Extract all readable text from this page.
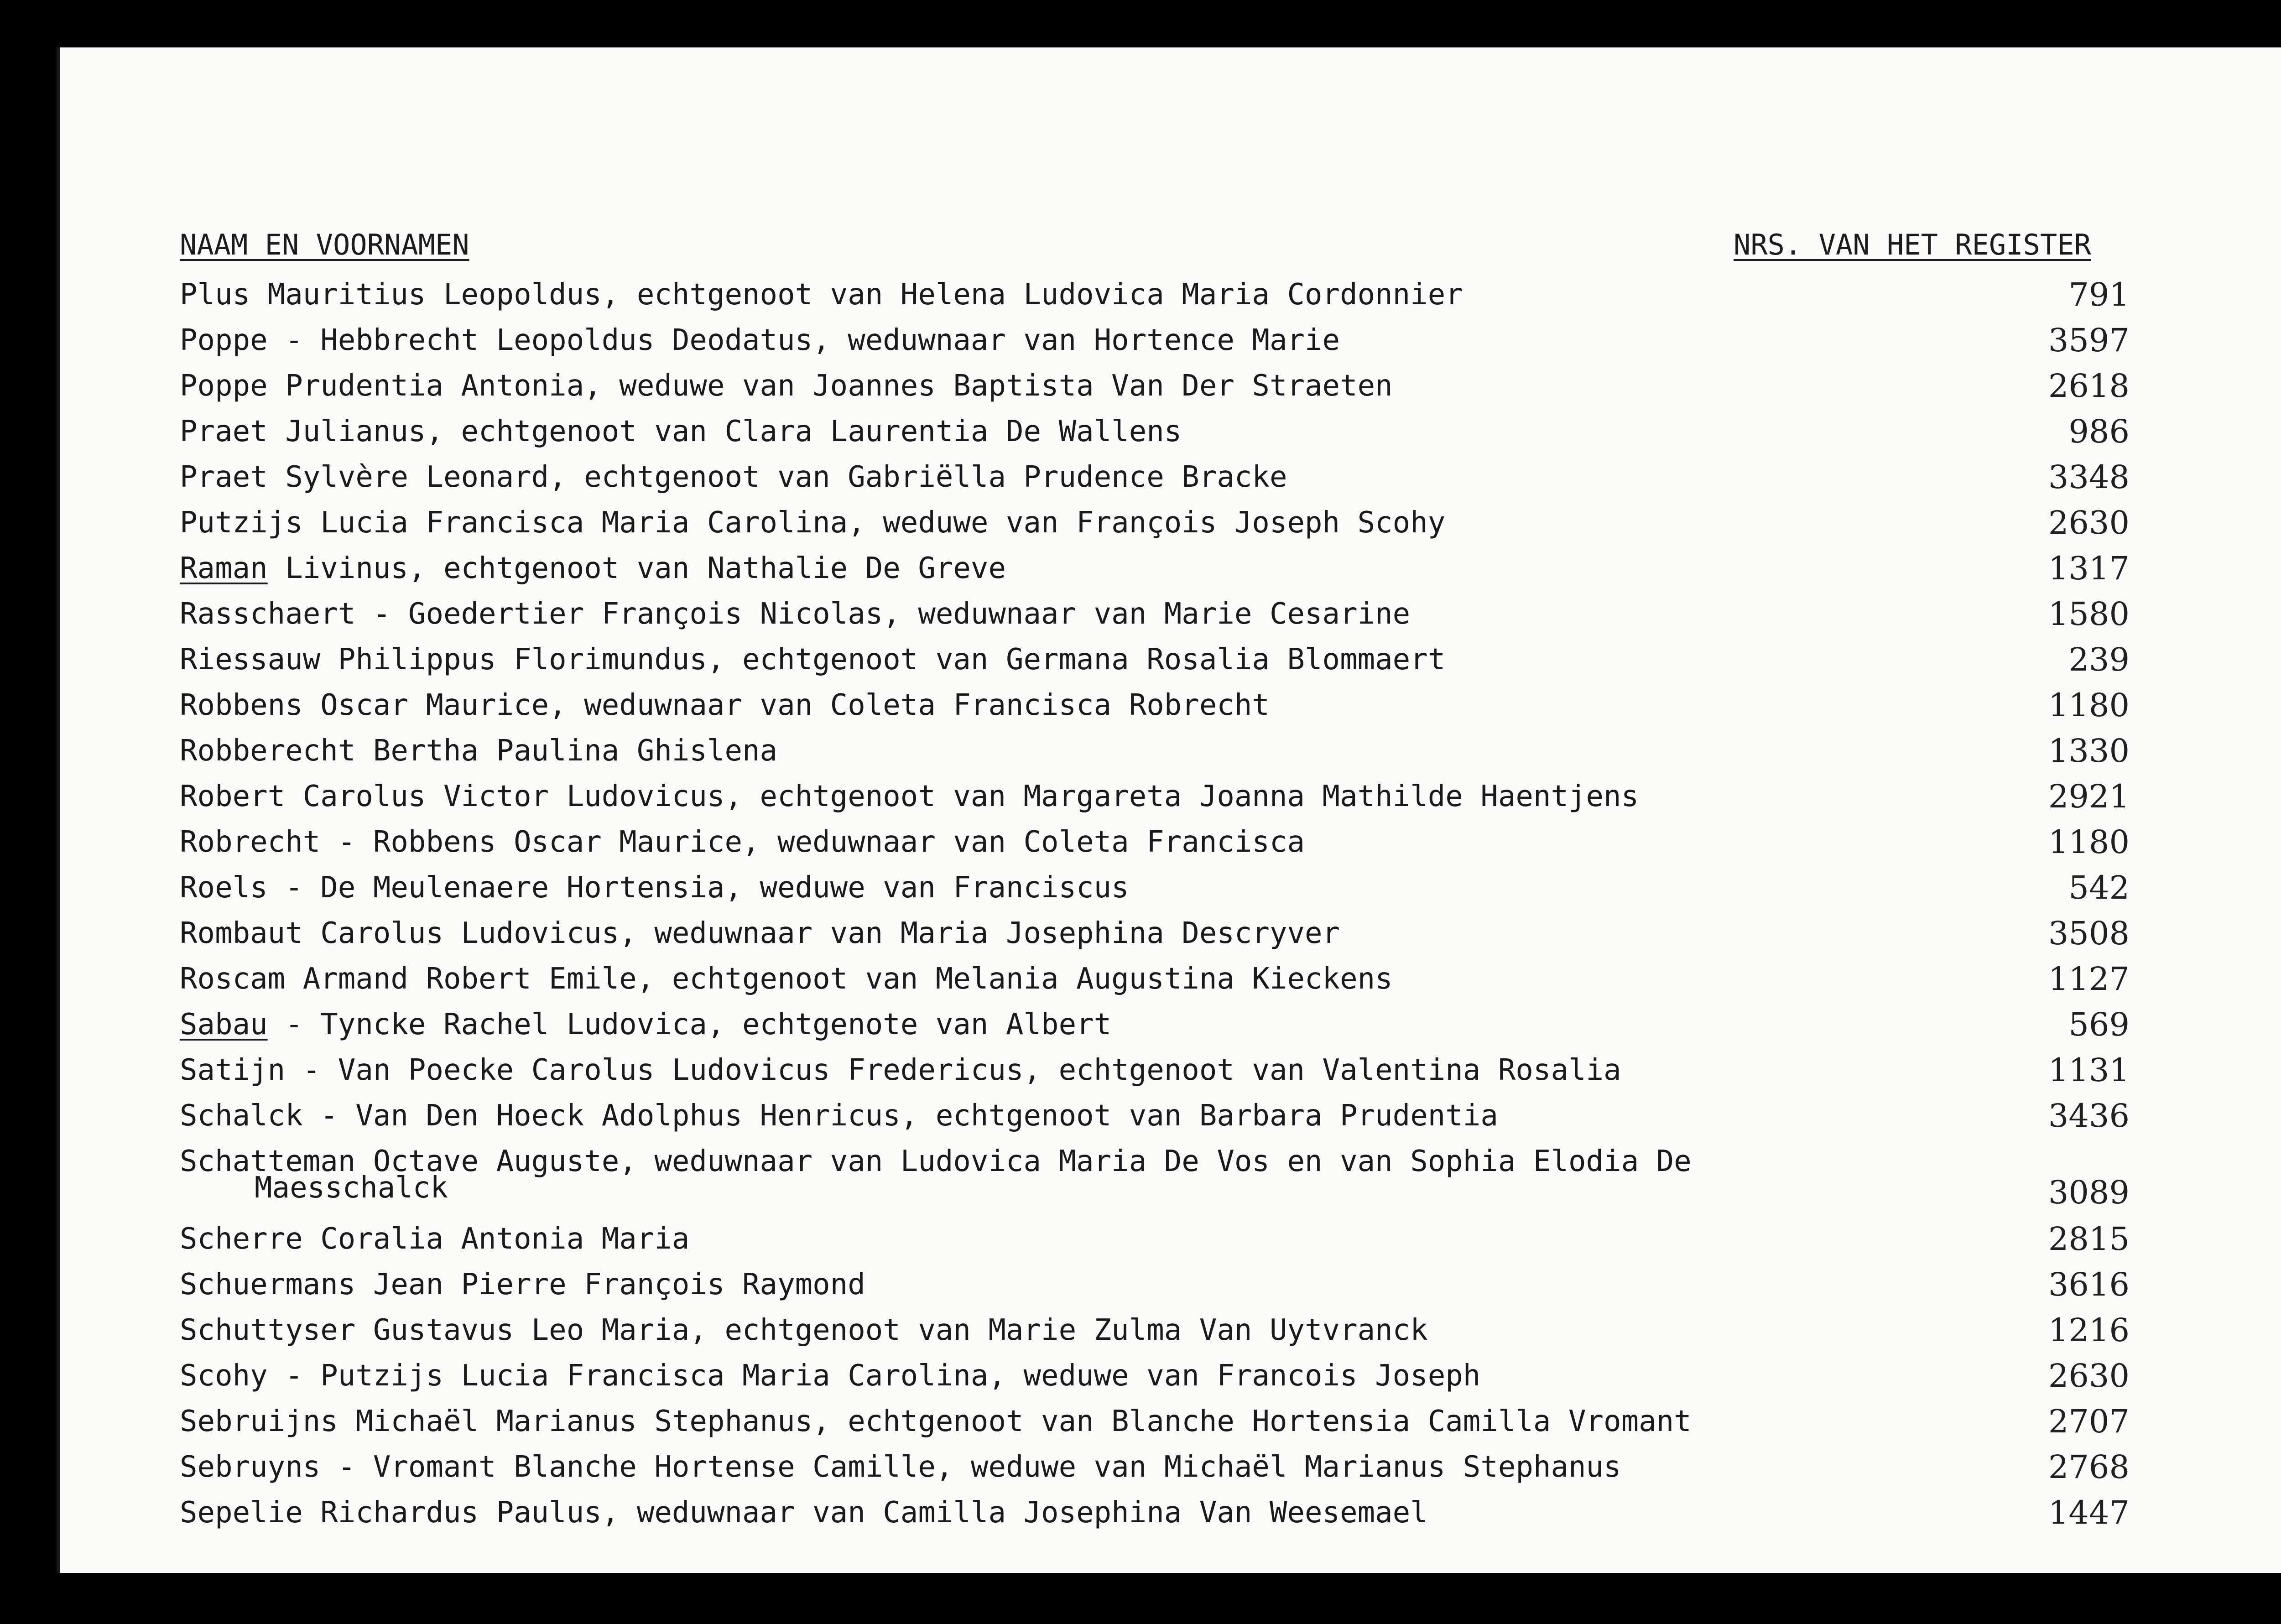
NAAM EN VOORNAMEN	NRS. VAN HET REGISTER
Plus Mauritius Leopoldus, echtgenoot van Helena Ludovica Maria Cordonnier	791
Poppe - Hebbrecht Leopoldus Deodatus, weduwnaar van Hortence Marie	3597
Poppe Prudentia Antonia, weduwe van Joannes Baptista Van Der Straeten	2618
Praet Julianus, echtgenoot van Clara Laurentia De Wallens	986
Praet Sylvère Leonard, echtgenoot van Gabriëlla Prudence Bracke	3348
Putzijs Lucia Francisca Maria Carolina, weduwe van François Joseph Scohy	2630
Raman Livinus, echtgenoot van Nathalie De Greve	1317
Rasschaert - Goedertier François Nicolas, weduwnaar van Marie Cesarine	1580
Riessauw Philippus Florimundus, echtgenoot van Germana Rosalia Blommaert	239
Robbens Oscar Maurice, weduwnaar van Coleta Francisca Robrecht	1180
Robberecht Bertha Paulina Ghislena	1330
Robert Carolus Victor Ludovicus, echtgenoot van Margareta Joanna Mathilde Haentjens	2921
Robrecht - Robbens Oscar Maurice, weduwnaar van Coleta Francisca	1180
Roels - De Meulenaere Hortensia, weduwe van Franciscus	542
Rombaut Carolus Ludovicus, weduwnaar van Maria Josephina Descryver	3508
Roscam Armand Robert Emile, echtgenoot van Melania Augustina Kieckens	1127
Sabau - Tyncke Rachel Ludovica, echtgenote van Albert	569
Satijn - Van Poecke Carolus Ludovicus Fredericus, echtgenoot van Valentina Rosalia	1131
Schalck - Van Den Hoeck Adolphus Henricus, echtgenoot van Barbara Prudentia	3436
Schatteman Octave Auguste, weduwnaar van Ludovica Maria De Vos en van Sophia Elodia De
Maesschalck	3089
Scherre Coralia Antonia Maria	2815
Schuermans Jean Pierre François Raymond	3616
Schuttyser Gustavus Leo Maria, echtgenoot van Marie Zulma Van Uytvranck	1216
Scohy - Putzijs Lucia Francisca Maria Carolina, weduwe van Francois Joseph	2630
Sebruijns Michaël Marianus Stephanus, echtgenoot van Blanche Hortensia Camilla Vromant	2707
Sebruyns - Vromant Blanche Hortense Camille, weduwe van Michaël Marianus Stephanus	2768
Sepelie Richardus Paulus, weduwnaar van Camilla Josephina Van Weesemael	1447
